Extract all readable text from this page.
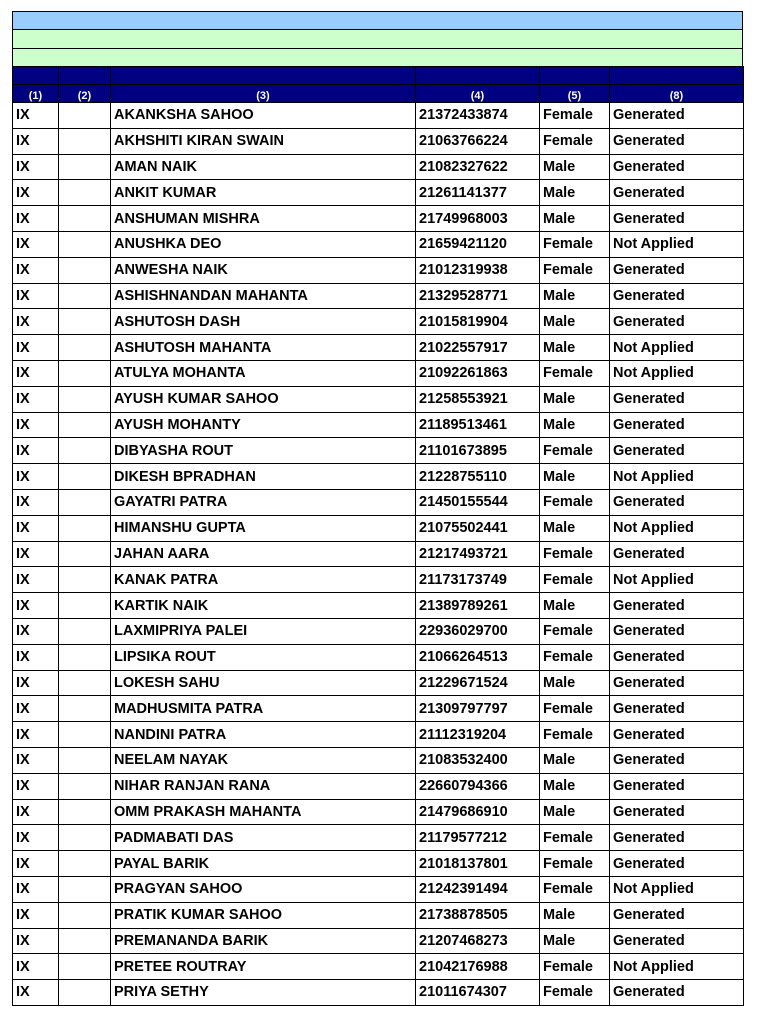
(1)	(2)	(3)	(4)	(5)	(8)
IX		AKANKSHA SAHOO	21372433874	Female	Generated
IX		AKHSHITI KIRAN SWAIN	21063766224	Female	Generated
IX		AMAN NAIK	21082327622	Male	Generated
IX		ANKIT KUMAR	21261141377	Male	Generated
IX		ANSHUMAN MISHRA	21749968003	Male	Generated
IX		ANUSHKA DEO	21659421120	Female	Not Applied
IX		ANWESHA NAIK	21012319938	Female	Generated
IX		ASHISHNANDAN MAHANTA	21329528771	Male	Generated
IX		ASHUTOSH DASH	21015819904	Male	Generated
IX		ASHUTOSH MAHANTA	21022557917	Male	Not Applied
IX		ATULYA MOHANTA	21092261863	Female	Not Applied
IX		AYUSH KUMAR SAHOO	21258553921	Male	Generated
IX		AYUSH MOHANTY	21189513461	Male	Generated
IX		DIBYASHA ROUT	21101673895	Female	Generated
IX		DIKESH BPRADHAN	21228755110	Male	Not Applied
IX		GAYATRI PATRA	21450155544	Female	Generated
IX		HIMANSHU GUPTA	21075502441	Male	Not Applied
IX		JAHAN AARA	21217493721	Female	Generated
IX		KANAK PATRA	21173173749	Female	Not Applied
IX		KARTIK NAIK	21389789261	Male	Generated
IX		LAXMIPRIYA PALEI	22936029700	Female	Generated
IX		LIPSIKA ROUT	21066264513	Female	Generated
IX		LOKESH SAHU	21229671524	Male	Generated
IX		MADHUSMITA PATRA	21309797797	Female	Generated
IX		NANDINI PATRA	21112319204	Female	Generated
IX		NEELAM NAYAK	21083532400	Male	Generated
IX		NIHAR RANJAN RANA	22660794366	Male	Generated
IX		OMM PRAKASH MAHANTA	21479686910	Male	Generated
IX		PADMABATI DAS	21179577212	Female	Generated
IX		PAYAL BARIK	21018137801	Female	Generated
IX		PRAGYAN SAHOO	21242391494	Female	Not Applied
IX		PRATIK KUMAR SAHOO	21738878505	Male	Generated
IX		PREMANANDA BARIK	21207468273	Male	Generated
IX		PRETEE ROUTRAY	21042176988	Female	Not Applied
IX		PRIYA SETHY	21011674307	Female	Generated
